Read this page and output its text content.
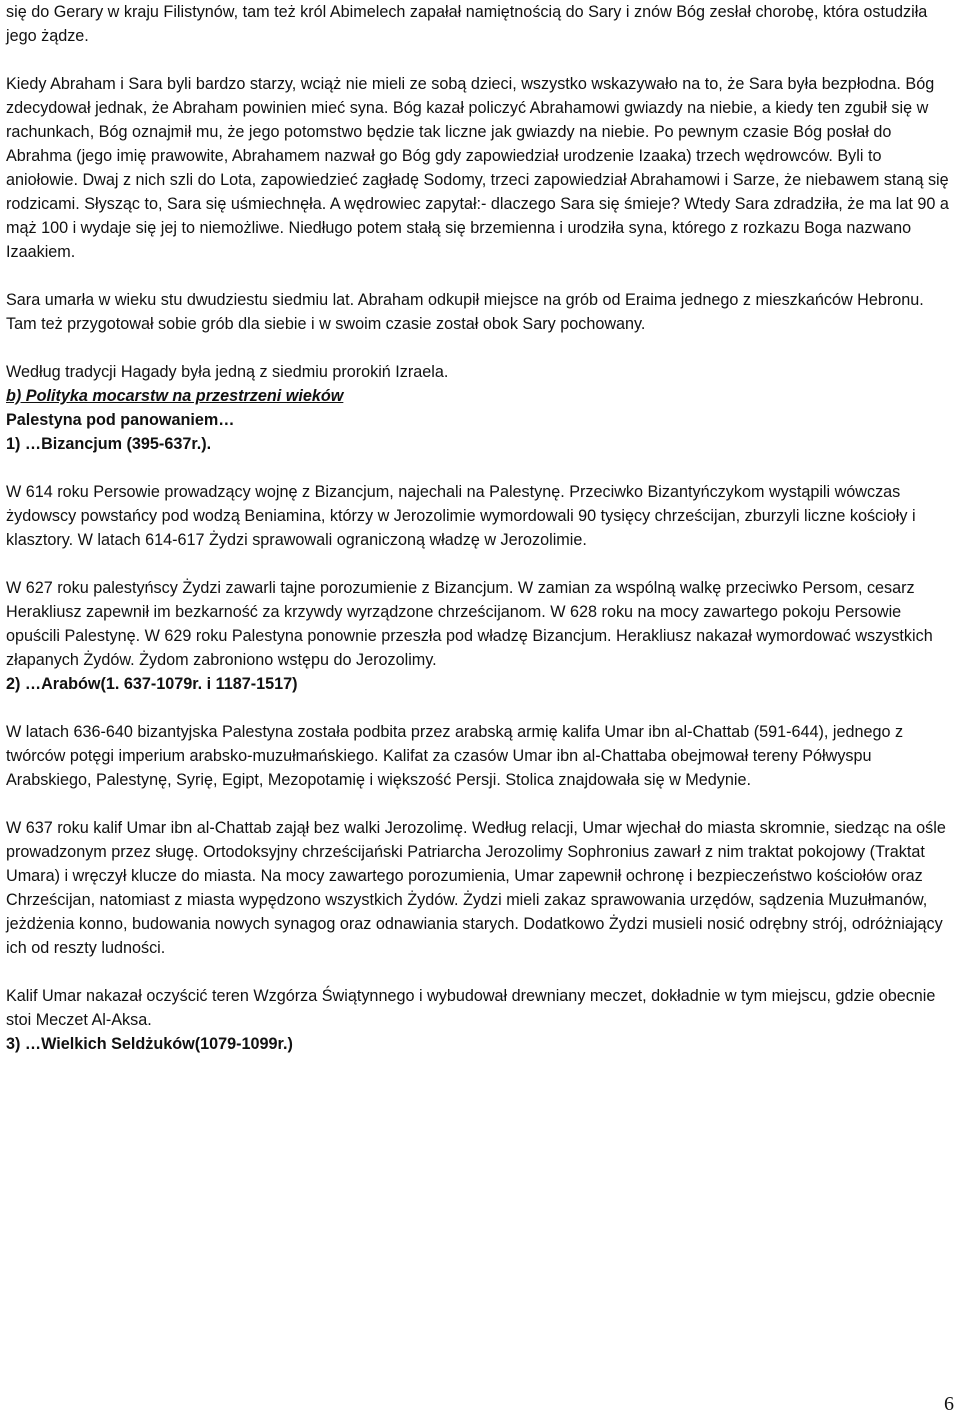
się do Gerary w kraju Filistynów, tam też król Abimelech zapałał namiętnością do Sary i znów Bóg zesłał chorobę, która ostudziła jego żądze.

Kiedy Abraham i Sara byli bardzo starzy, wciąż nie mieli ze sobą dzieci, wszystko wskazywało na to, że Sara była bezpłodna. Bóg zdecydował jednak, że Abraham powinien mieć syna. Bóg kazał policzyć Abrahamowi gwiazdy na niebie, a kiedy ten zgubił się w rachunkach, Bóg oznajmił mu, że jego potomstwo będzie tak liczne jak gwiazdy na niebie. Po pewnym czasie Bóg posłał do Abrahma (jego imię prawowite, Abrahamem nazwał go Bóg gdy zapowiedział urodzenie Izaaka) trzech wędrowców. Byli to aniołowie. Dwaj z nich szli do Lota, zapowiedzieć zagładę Sodomy, trzeci zapowiedział Abrahamowi i Sarze, że niebawem staną się rodzicami. Słysząc to, Sara się uśmiechnęła. A wędrowiec zapytał:- dlaczego Sara się śmieje? Wtedy Sara zdradziła, że ma lat 90 a mąż 100 i wydaje się jej to niemożliwe. Niedługo potem stałą się brzemienna i urodziła syna, którego z rozkazu Boga nazwano Izaakiem.

Sara umarła w wieku stu dwudziestu siedmiu lat. Abraham odkupił miejsce na grób od Eraima jednego z mieszkańców Hebronu. Tam też przygotował sobie grób dla siebie i w swoim czasie został obok Sary pochowany.

Według tradycji Hagady była jedną z siedmiu prorokiń Izraela.

b) Polityka mocarstw na przestrzeni wieków

Palestyna pod panowaniem…

1) …Bizancjum (395-637r.).

W 614 roku Persowie prowadzący wojnę z Bizancjum, najechali na Palestynę. Przeciwko Bizantyńczykom wystąpili wówczas żydowscy powstańcy pod wodzą Beniamina, którzy w Jerozolimie wymordowali 90 tysięcy chrześcijan, zburzyli liczne kościoły i klasztory. W latach 614-617 Żydzi sprawowali ograniczoną władzę w Jerozolimie.

W 627 roku palestyńscy Żydzi zawarli tajne porozumienie z Bizancjum. W zamian za wspólną walkę przeciwko Persom, cesarz Herakliusz zapewnił im bezkarność za krzywdy wyrządzone chrześcijanom. W 628 roku na mocy zawartego pokoju Persowie opuścili Palestynę. W 629 roku Palestyna ponownie przeszła pod władzę Bizancjum. Herakliusz nakazał wymordować wszystkich złapanych Żydów. Żydom zabroniono wstępu do Jerozolimy.

2) …Arabów(1. 637-1079r. i 1187-1517)

W latach 636-640 bizantyjska Palestyna została podbita przez arabską armię kalifa Umar ibn al-Chattab (591-644), jednego z twórców potęgi imperium arabsko-muzułmańskiego. Kalifat za czasów Umar ibn al-Chattaba obejmował tereny Półwyspu Arabskiego, Palestynę, Syrię, Egipt, Mezopotamię i większość Persji. Stolica znajdowała się w Medynie.

W 637 roku kalif Umar ibn al-Chattab zajął bez walki Jerozolimę. Według relacji, Umar wjechał do miasta skromnie, siedząc na ośle prowadzonym przez sługę. Ortodoksyjny chrześcijański Patriarcha Jerozolimy Sophronius zawarł z nim traktat pokojowy (Traktat Umara) i wręczył klucze do miasta. Na mocy zawartego porozumienia, Umar zapewnił ochronę i bezpieczeństwo kościołów oraz Chrześcijan, natomiast z miasta wypędzono wszystkich Żydów. Żydzi mieli zakaz sprawowania urzędów, sądzenia Muzułmanów, jeżdżenia konno, budowania nowych synagog oraz odnawiania starych. Dodatkowo Żydzi musieli nosić odrębny strój, odróżniający ich od reszty ludności.

Kalif Umar nakazał oczyścić teren Wzgórza Świątynnego i wybudował drewniany meczet, dokładnie w tym miejscu, gdzie obecnie stoi Meczet Al-Aksa.

3) …Wielkich Seldżuków(1079-1099r.)

6
